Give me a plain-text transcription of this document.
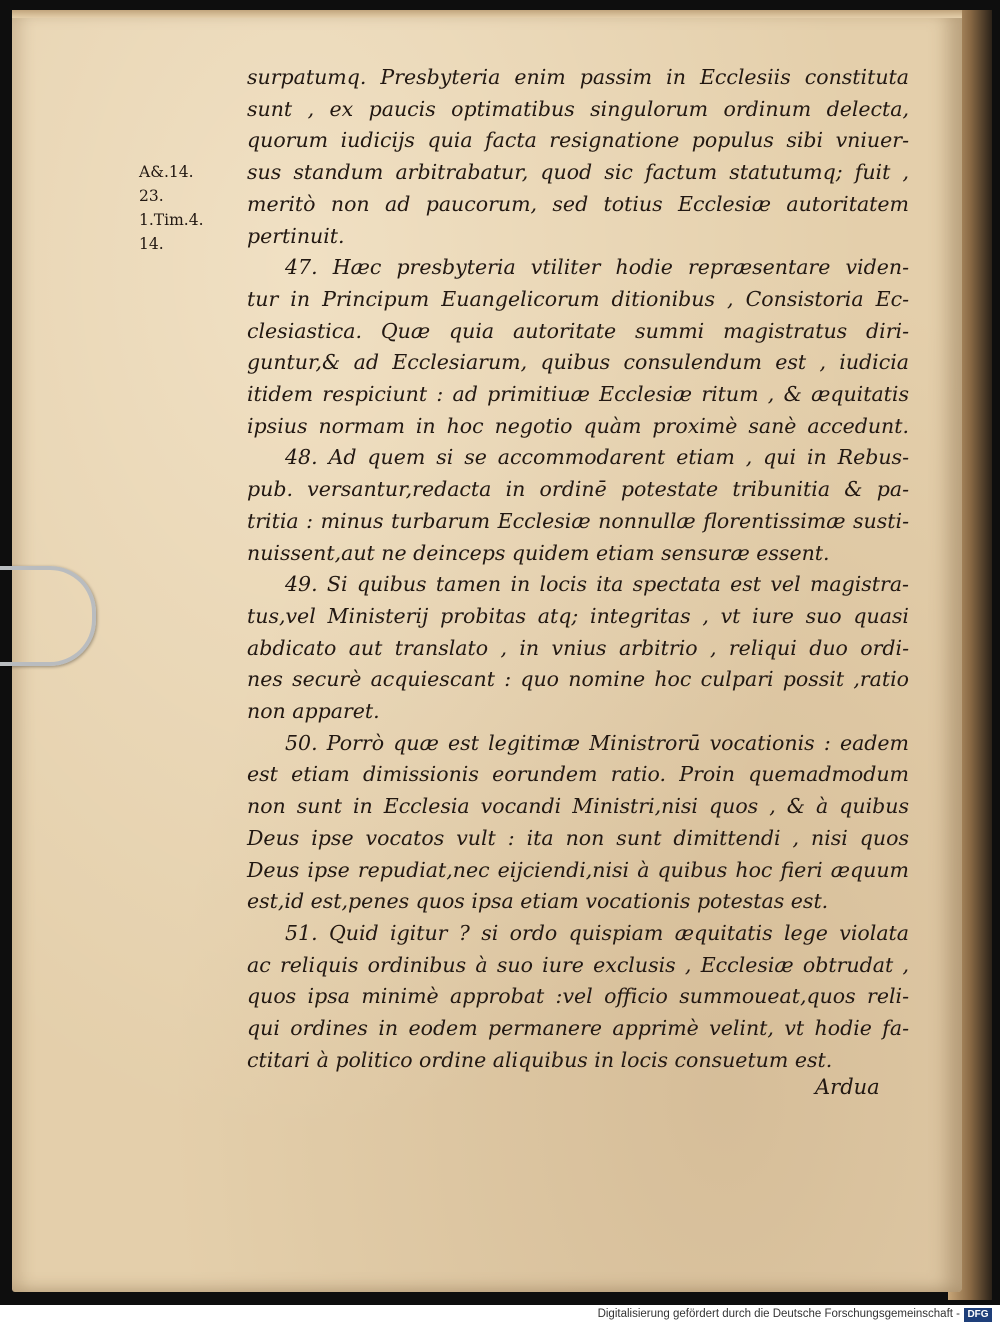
A&.14.
23.
1.Tim.4.
14.
surpatumq. Presbyteria enim passim in Ecclesiis constituta
sunt , ex paucis optimatibus singulorum ordinum delecta,
quorum iudicijs quia facta resignatione populus sibi vniuer-
sus standum arbitrabatur, quod sic factum statutumq; fuit ,
meritò non ad paucorum, sed totius Ecclesiæ autoritatem
pertinuit.
47. Hæc presbyteria vtiliter hodie repræsentare viden-
tur in Principum Euangelicorum ditionibus , Consistoria Ec-
clesiastica. Quæ quia autoritate summi magistratus diri-
guntur,& ad Ecclesiarum, quibus consulendum est , iudicia
itidem respiciunt : ad primitiuæ Ecclesiæ ritum , & æquitatis
ipsius normam in hoc negotio quàm proximè sanè accedunt.
48. Ad quem si se accommodarent etiam , qui in Rebus-
pub. versantur,redacta in ordinē potestate tribunitia & pa-
tritia : minus turbarum Ecclesiæ nonnullæ florentissimæ susti-
nuissent,aut ne deinceps quidem etiam sensuræ essent.
49. Si quibus tamen in locis ita spectata est vel magistra-
tus,vel Ministerij probitas atq; integritas , vt iure suo quasi
abdicato aut translato , in vnius arbitrio , reliqui duo ordi-
nes securè acquiescant : quo nomine hoc culpari possit ,ratio
non apparet.
50. Porrò quæ est legitimæ Ministrorū vocationis : eadem
est etiam dimissionis eorundem ratio. Proin quemadmodum
non sunt in Ecclesia vocandi Ministri,nisi quos , & à quibus
Deus ipse vocatos vult : ita non sunt dimittendi , nisi quos
Deus ipse repudiat,nec eijciendi,nisi à quibus hoc fieri æquum
est,id est,penes quos ipsa etiam vocationis potestas est.
51. Quid igitur ? si ordo quispiam æquitatis lege violata
ac reliquis ordinibus à suo iure exclusis , Ecclesiæ obtrudat ,
quos ipsa minimè approbat :vel officio summoueat,quos reli-
qui ordines in eodem permanere apprimè velint, vt hodie fa-
ctitari à politico ordine aliquibus in locis consuetum est.
Ardua
Digitalisierung gefördert durch die Deutsche Forschungsgemeinschaft - DFG
